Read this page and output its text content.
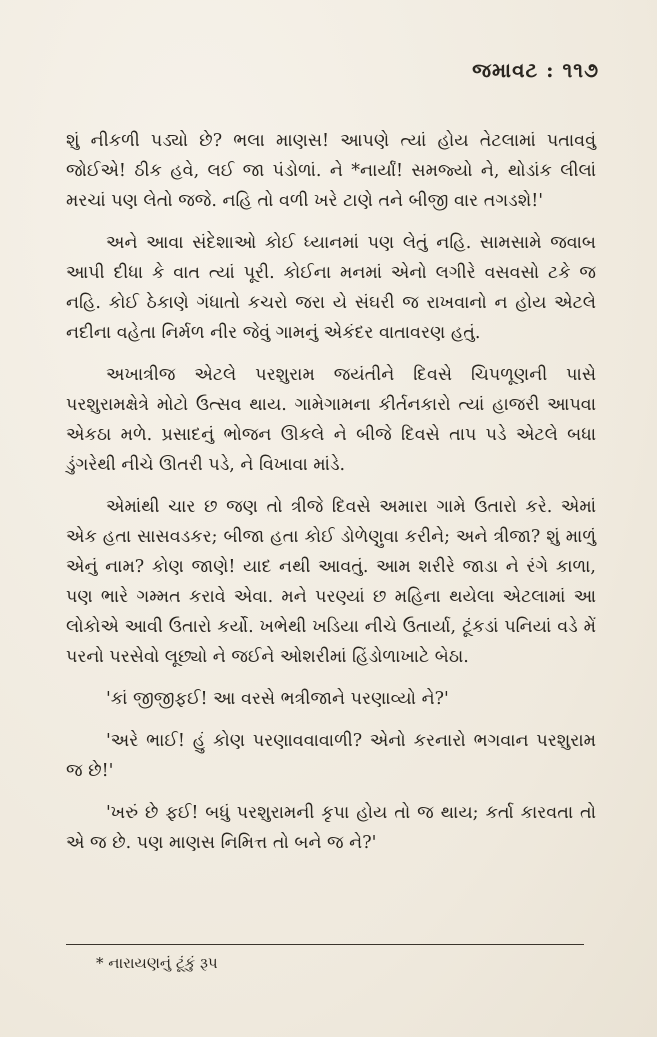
જમાવટ : ૧૧૭

શું નીકળી પડ્યો છે? ભલા માણસ! આપણે ત્યાં હોય તેટલામાં પતાવવું જોઈએ! ઠીક હવે, લઈ જા પંડોળાં. ને *નાર્યાં! સમજ્યો ને, થોડાંક લીલાં મરચાં પણ લેતો જજે. નહિ તો વળી ખરે ટાણે તને બીજી વાર તગડશે!'

અને આવા સંદેશાઓ કોઈ ધ્યાનમાં પણ લેતું નહિ. સામસામે જવાબ આપી દીધા કે વાત ત્યાં પૂરી. કોઈના મનમાં એનો લગીરે વસવસો ટકે જ નહિ. કોઈ ઠેકાણે ગંધાતો કચરો જરા યે સંઘરી જ રાખવાનો ન હોય એટલે નદીના વહેતા નિર્મળ નીર જેવું ગામનું એકંદર વાતાવરણ હતું.

અખાત્રીજ એટલે પરશુરામ જયંતીને દિવસે ચિપળૂણની પાસે પરશુરામક્ષેત્રે મોટો ઉત્સવ થાય. ગામેગામના કીર્તનકારો ત્યાં હાજરી આપવા એકઠા મળે. પ્રસાદનું ભોજન ઊકલે ને બીજે દિવસે તાપ પડે એટલે બધા ડુંગરેથી નીચે ઊતરી પડે, ને વિખાવા માંડે.

એમાંથી ચાર છ જણ તો ત્રીજે દિવસે અમારા ગામે ઉતારો કરે. એમાં એક હતા સાસવડકર; બીજા હતા કોઈ ડોળેણુવા કરીને; અને ત્રીજા? શું માળું એનું નામ? કોણ જાણે! યાદ નથી આવતું. આમ શરીરે જાડા ને રંગે કાળા, પણ ભારે ગમ્મત કરાવે એવા. મને પરણ્યાં છ મહિના થયેલા એટલામાં આ લોકોએ આવી ઉતારો કર્યો. ખભેથી ખડિયા નીચે ઉતાર્યા, ટૂંકડાં પનિયાં વડે મેં પરનો પરસેવો લૂછ્યો ને જઈને ઓશરીમાં હિંડોળાખાટે બેઠા.

'કાં જીજીફઈ! આ વરસે ભત્રીજાને પરણાવ્યો ને?'

'અરે ભાઈ! હું કોણ પરણાવવાવાળી? એનો કરનારો ભગવાન પરશુરામ જ છે!'

'ખરું છે ફઈ! બધું પરશુરામની કૃપા હોય તો જ થાય; કર્તા કારવતા તો એ જ છે. પણ માણસ નિમિત્ત તો બને જ ને?'

* નારાયણનું ટૂંકું રૂપ
